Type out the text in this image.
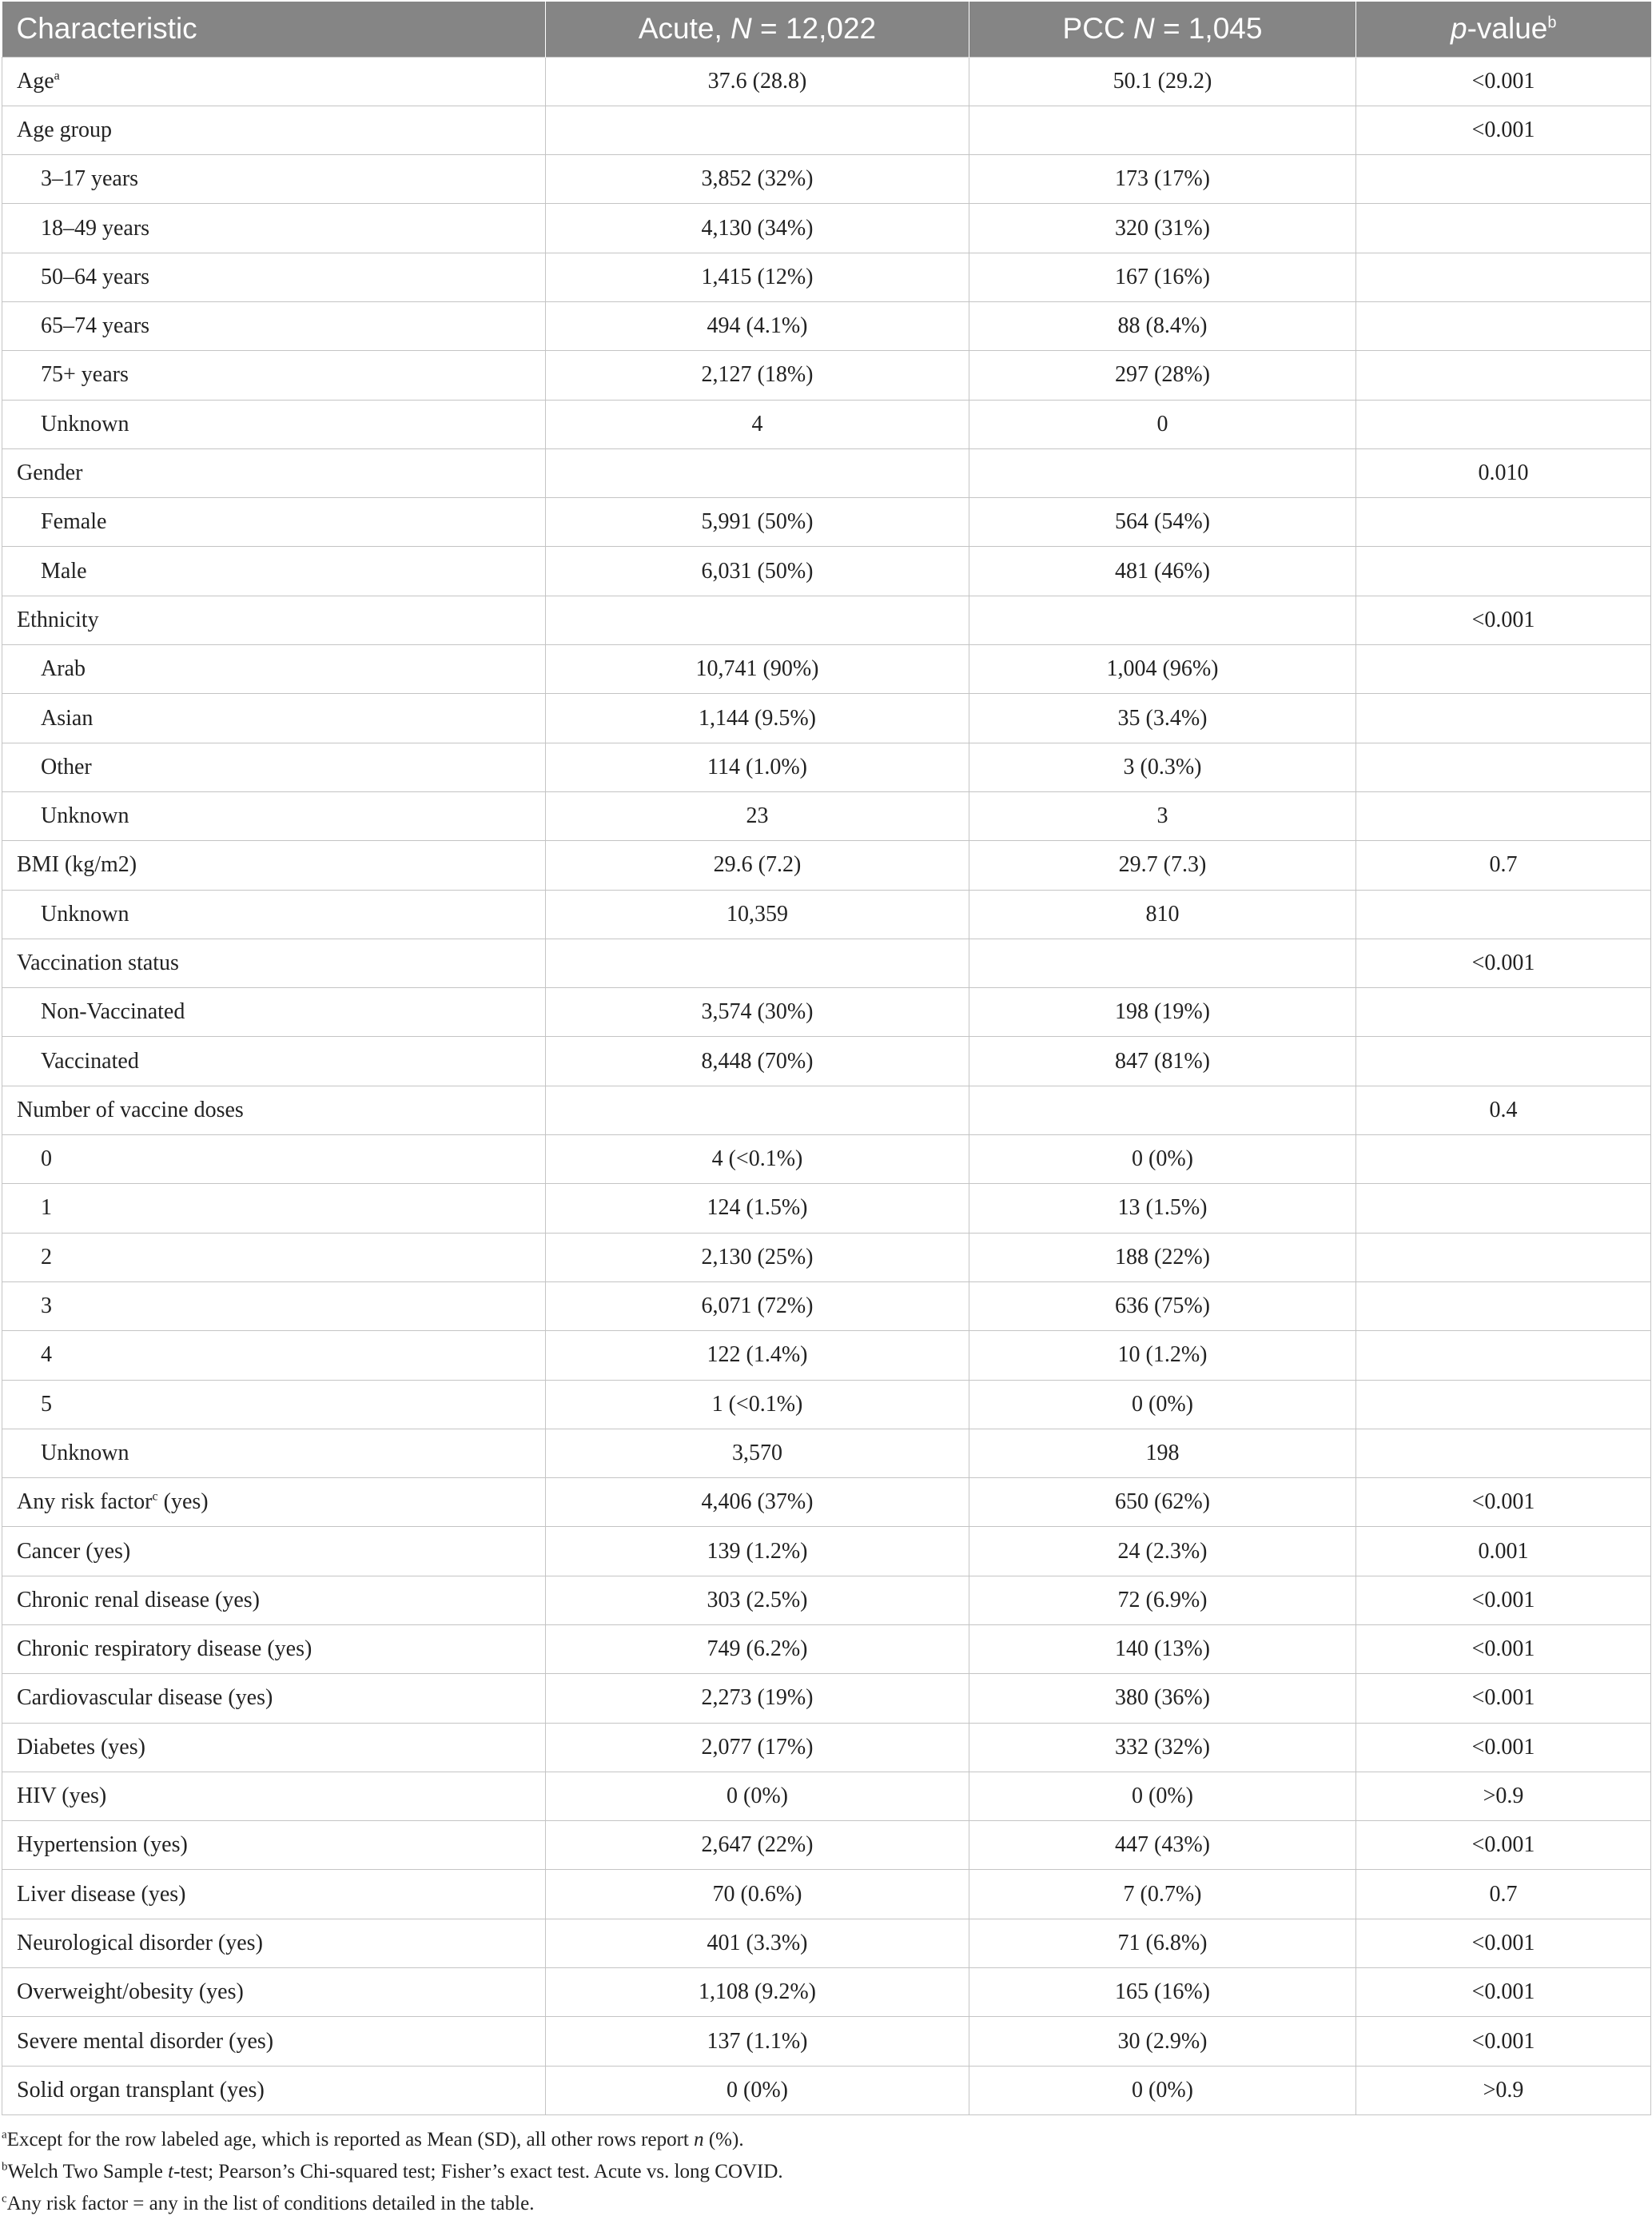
Characteristic	Acute, N = 12,022	PCC N = 1,045	p-value$^b$
Age$^a$	37.6 (28.8)	50.1 (29.2)	<0.001
Age group			<0.001
3–17 years	3,852 (32%)	173 (17%)	
18–49 years	4,130 (34%)	320 (31%)	
50–64 years	1,415 (12%)	167 (16%)	
65–74 years	494 (4.1%)	88 (8.4%)	
75+ years	2,127 (18%)	297 (28%)	
Unknown	4	0	
Gender			0.010
Female	5,991 (50%)	564 (54%)	
Male	6,031 (50%)	481 (46%)	
Ethnicity			<0.001
Arab	10,741 (90%)	1,004 (96%)	
Asian	1,144 (9.5%)	35 (3.4%)	
Other	114 (1.0%)	3 (0.3%)	
Unknown	23	3	
BMI (kg/m2)	29.6 (7.2)	29.7 (7.3)	0.7
Unknown	10,359	810	
Vaccination status			<0.001
Non-Vaccinated	3,574 (30%)	198 (19%)	
Vaccinated	8,448 (70%)	847 (81%)	
Number of vaccine doses			0.4
0	4 (<0.1%)	0 (0%)	
1	124 (1.5%)	13 (1.5%)	
2	2,130 (25%)	188 (22%)	
3	6,071 (72%)	636 (75%)	
4	122 (1.4%)	10 (1.2%)	
5	1 (<0.1%)	0 (0%)	
Unknown	3,570	198	
Any risk factor$^c$ (yes)	4,406 (37%)	650 (62%)	<0.001
Cancer (yes)	139 (1.2%)	24 (2.3%)	0.001
Chronic renal disease (yes)	303 (2.5%)	72 (6.9%)	<0.001
Chronic respiratory disease (yes)	749 (6.2%)	140 (13%)	<0.001
Cardiovascular disease (yes)	2,273 (19%)	380 (36%)	<0.001
Diabetes (yes)	2,077 (17%)	332 (32%)	<0.001
HIV (yes)	0 (0%)	0 (0%)	>0.9
Hypertension (yes)	2,647 (22%)	447 (43%)	<0.001
Liver disease (yes)	70 (0.6%)	7 (0.7%)	0.7
Neurological disorder (yes)	401 (3.3%)	71 (6.8%)	<0.001
Overweight/obesity (yes)	1,108 (9.2%)	165 (16%)	<0.001
Severe mental disorder (yes)	137 (1.1%)	30 (2.9%)	<0.001
Solid organ transplant (yes)	0 (0%)	0 (0%)	>0.9
$^a$Except for the row labeled age, which is reported as Mean (SD), all other rows report n (%).
$^b$Welch Two Sample t-test; Pearson’s Chi-squared test; Fisher’s exact test. Acute vs. long COVID.
$^c$Any risk factor = any in the list of conditions detailed in the table.
